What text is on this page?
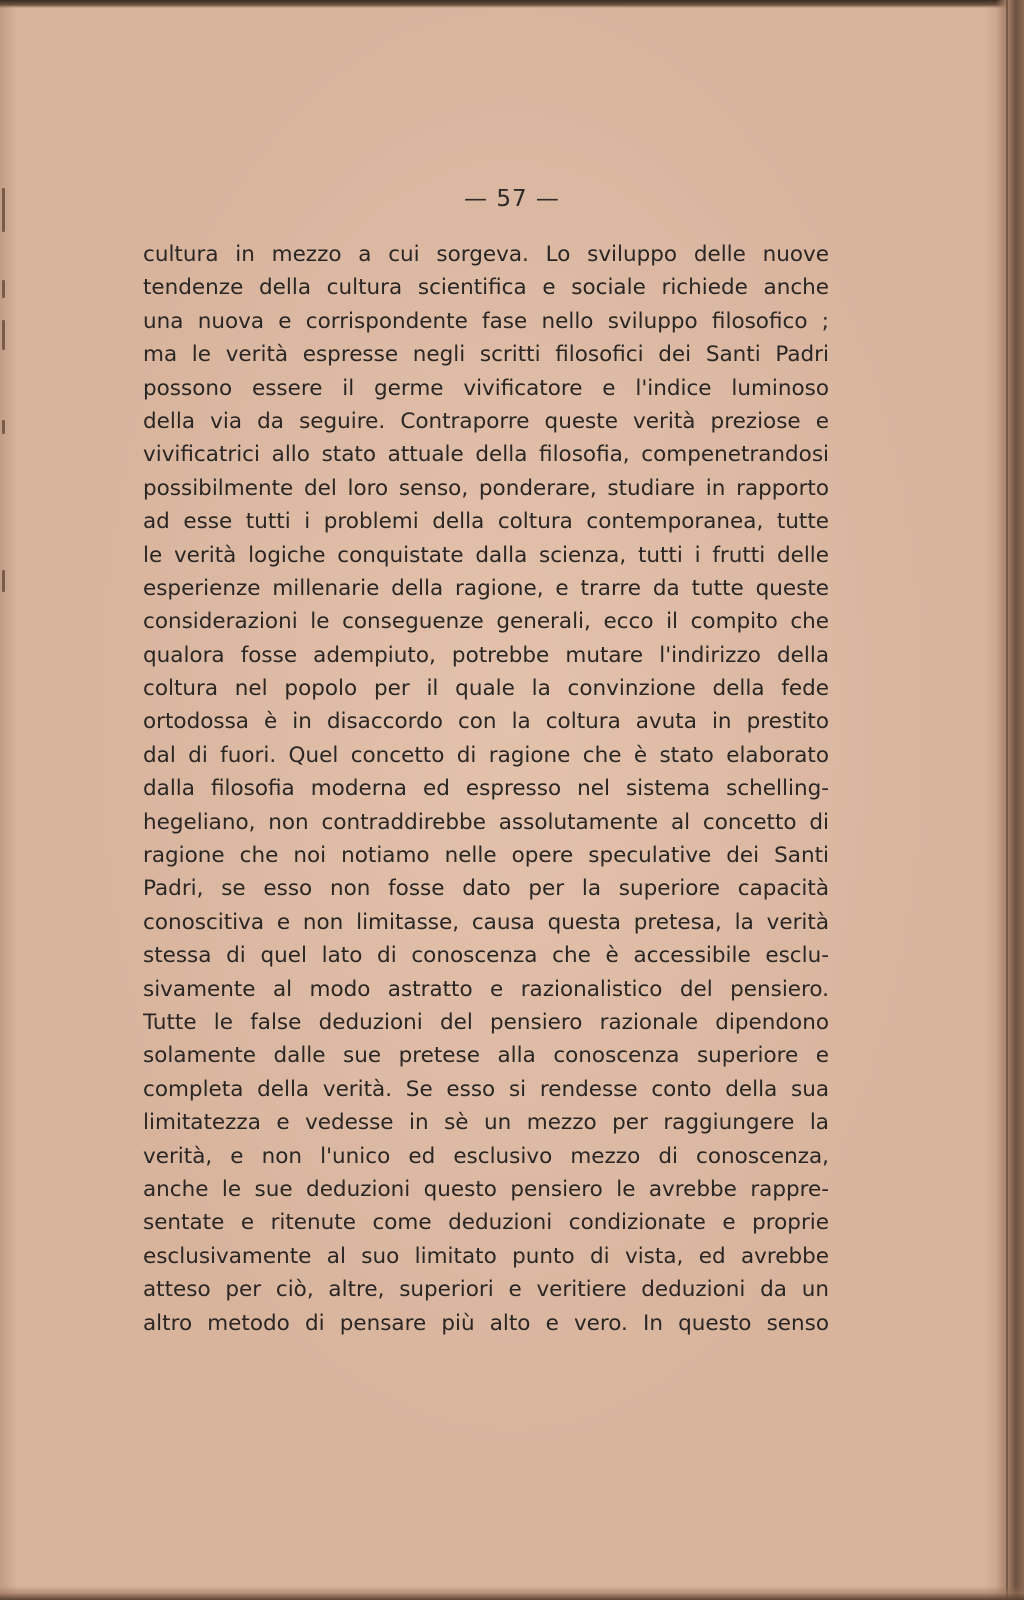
— 57 —
cultura in mezzo a cui sorgeva. Lo sviluppo delle nuove
tendenze della cultura scientifica e sociale richiede anche
una nuova e corrispondente fase nello sviluppo filosofico ;
ma le verità espresse negli scritti filosofici dei Santi Padri
possono essere il germe vivificatore e l'indice luminoso
della via da seguire. Contraporre queste verità preziose e
vivificatrici allo stato attuale della filosofia, compenetrandosi
possibilmente del loro senso, ponderare, studiare in rapporto
ad esse tutti i problemi della coltura contemporanea, tutte
le verità logiche conquistate dalla scienza, tutti i frutti delle
esperienze millenarie della ragione, e trarre da tutte queste
considerazioni le conseguenze generali, ecco il compito che
qualora fosse adempiuto, potrebbe mutare l'indirizzo della
coltura nel popolo per il quale la convinzione della fede
ortodossa è in disaccordo con la coltura avuta in prestito
dal di fuori. Quel concetto di ragione che è stato elaborato
dalla filosofia moderna ed espresso nel sistema schelling-
hegeliano, non contraddirebbe assolutamente al concetto di
ragione che noi notiamo nelle opere speculative dei Santi
Padri, se esso non fosse dato per la superiore capacità
conoscitiva e non limitasse, causa questa pretesa, la verità
stessa di quel lato di conoscenza che è accessibile esclu-
sivamente al modo astratto e razionalistico del pensiero.
Tutte le false deduzioni del pensiero razionale dipendono
solamente dalle sue pretese alla conoscenza superiore e
completa della verità. Se esso si rendesse conto della sua
limitatezza e vedesse in sè un mezzo per raggiungere la
verità, e non l'unico ed esclusivo mezzo di conoscenza,
anche le sue deduzioni questo pensiero le avrebbe rappre-
sentate e ritenute come deduzioni condizionate e proprie
esclusivamente al suo limitato punto di vista, ed avrebbe
atteso per ciò, altre, superiori e veritiere deduzioni da un
altro metodo di pensare più alto e vero. In questo senso
